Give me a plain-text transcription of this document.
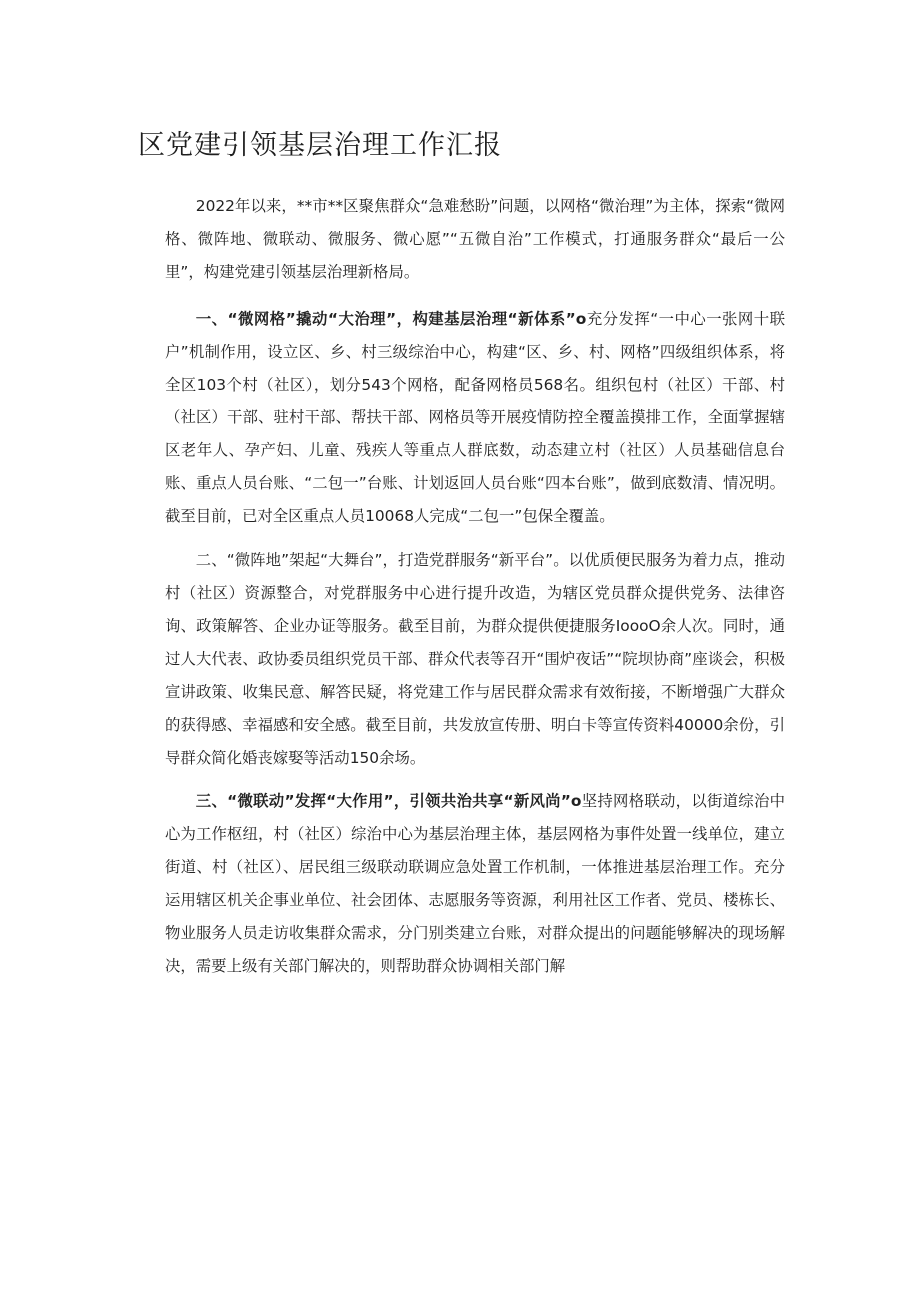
区党建引领基层治理工作汇报

2022年以来，**市**区聚焦群众“急难愁盼”问题，以网格“微治理”为主体，探索“微网格、微阵地、微联动、微服务、微心愿”“五微自治”工作模式，打通服务群众“最后一公里”，构建党建引领基层治理新格局。

一、“微网格”撬动“大治理”，构建基层治理“新体系”o充分发挥“一中心一张网十联户”机制作用，设立区、乡、村三级综治中心，构建“区、乡、村、网格”四级组织体系，将全区103个村（社区），划分543个网格，配备网格员568名。组织包村（社区）干部、村（社区）干部、驻村干部、帮扶干部、网格员等开展疫情防控全覆盖摸排工作，全面掌握辖区老年人、孕产妇、儿童、残疾人等重点人群底数，动态建立村（社区）人员基础信息台账、重点人员台账、“二包一”台账、计划返回人员台账“四本台账”，做到底数清、情况明。截至目前，已对全区重点人员10068人完成“二包一”包保全覆盖。

二、“微阵地”架起“大舞台”，打造党群服务“新平台”。以优质便民服务为着力点，推动村（社区）资源整合，对党群服务中心进行提升改造，为辖区党员群众提供党务、法律咨询、政策解答、企业办证等服务。截至目前，为群众提供便捷服务IoooO余人次。同时，通过人大代表、政协委员组织党员干部、群众代表等召开“围炉夜话”“院坝协商”座谈会，积极宣讲政策、收集民意、解答民疑，将党建工作与居民群众需求有效衔接，不断增强广大群众的获得感、幸福感和安全感。截至目前，共发放宣传册、明白卡等宣传资料40000余份，引导群众简化婚丧嫁娶等活动150余场。

三、“微联动”发挥“大作用”，引领共治共享“新风尚”o坚持网格联动，以街道综治中心为工作枢纽，村（社区）综治中心为基层治理主体，基层网格为事件处置一线单位，建立街道、村（社区）、居民组三级联动联调应急处置工作机制，一体推进基层治理工作。充分运用辖区机关企事业单位、社会团体、志愿服务等资源，利用社区工作者、党员、楼栋长、物业服务人员走访收集群众需求，分门别类建立台账，对群众提出的问题能够解决的现场解决，需要上级有关部门解决的，则帮助群众协调相关部门解
